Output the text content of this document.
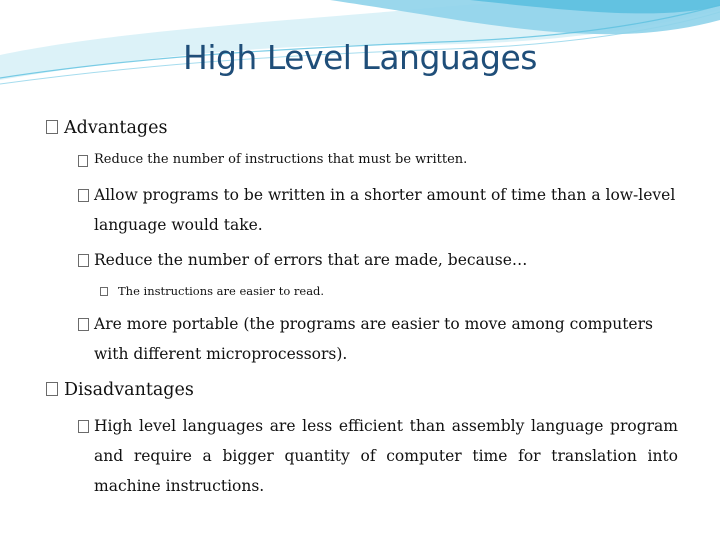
High Level Languages
Advantages
Reduce the number of instructions that must be written.
Allow programs to be written in a shorter amount of time than a low-level language would take.
Reduce the number of errors that are made, because…
The instructions are easier to read.
Are more portable (the programs are easier to move among computers with different microprocessors).
Disadvantages
High level languages are less efficient than assembly language program and require a bigger quantity of computer time for translation into machine instructions.
